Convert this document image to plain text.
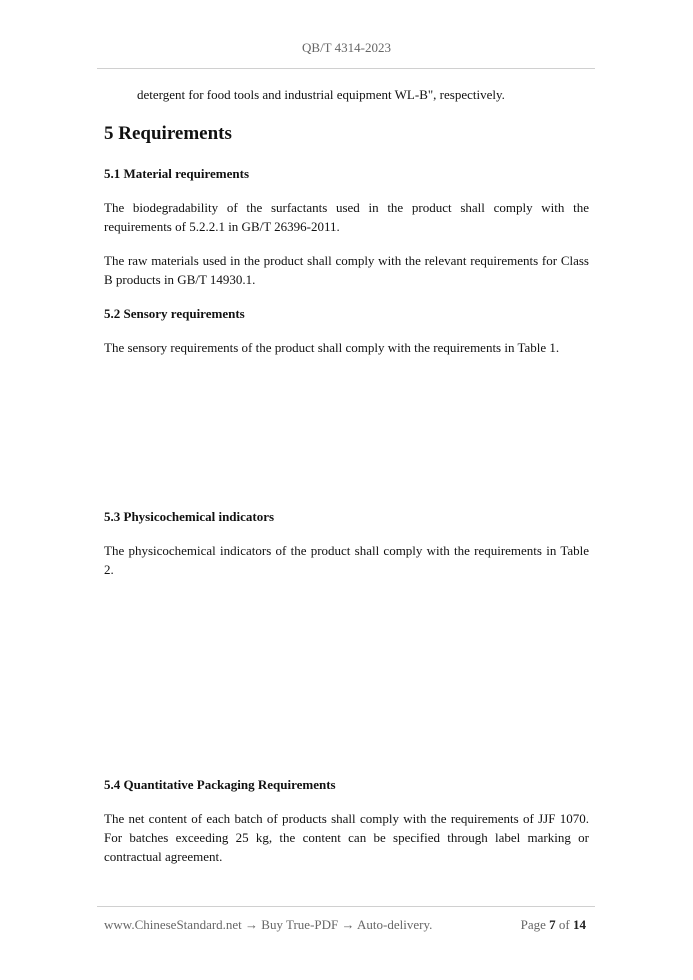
QB/T 4314-2023

detergent for food tools and industrial equipment WL-B", respectively.

5 Requirements

5.1 Material requirements

The biodegradability of the surfactants used in the product shall comply with the requirements of 5.2.2.1 in GB/T 26396-2011.

The raw materials used in the product shall comply with the relevant requirements for Class B products in GB/T 14930.1.

5.2 Sensory requirements

The sensory requirements of the product shall comply with the requirements in Table 1.

5.3 Physicochemical indicators

The physicochemical indicators of the product shall comply with the requirements in Table 2.

5.4 Quantitative Packaging Requirements

The net content of each batch of products shall comply with the requirements of JJF 1070. For batches exceeding 25 kg, the content can be specified through label marking or contractual agreement.

www.ChineseStandard.net → Buy True-PDF → Auto-delivery.	Page 7 of 14
